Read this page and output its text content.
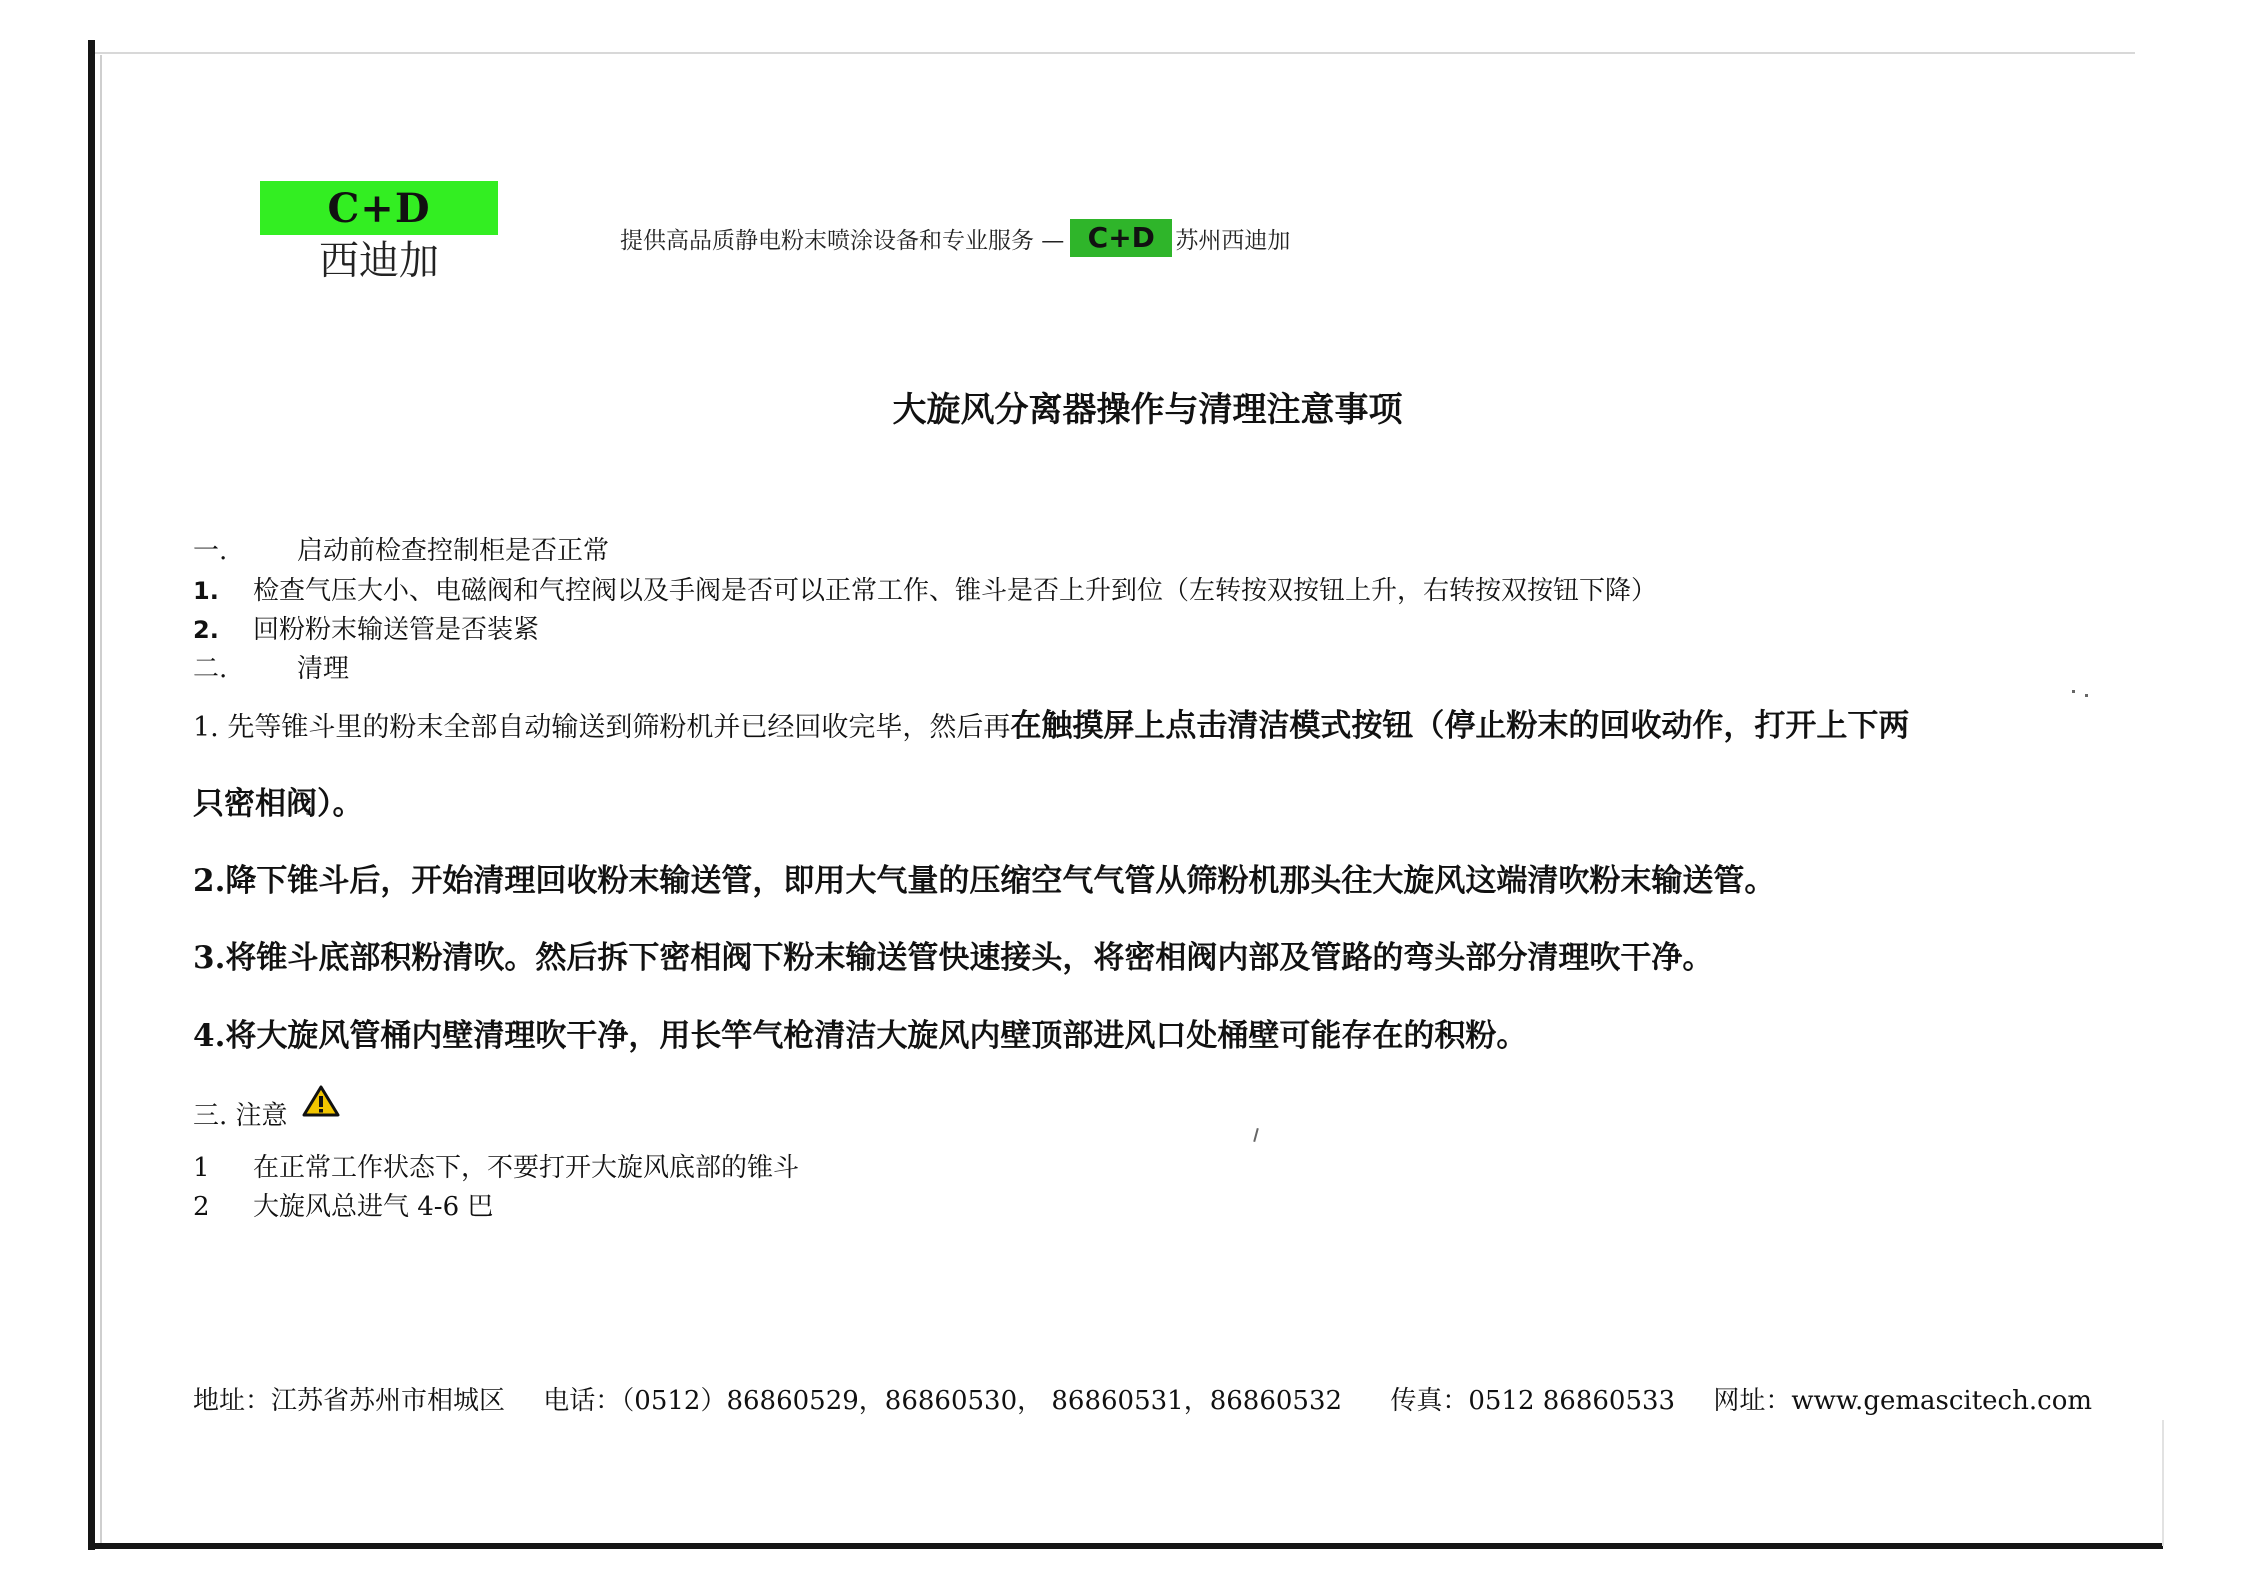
C+D
西迪加	提供高品质静电粉末喷涂设备和专业服务 — C+D 苏州西迪加
大旋风分离器操作与清理注意事项
一.	启动前检查控制柜是否正常
1. 检查气压大小、电磁阀和气控阀以及手阀是否可以正常工作、锥斗是否上升到位（左转按双按钮上升，右转按双按钮下降）
2. 回粉粉末输送管是否装紧
二.	清理
1. 先等锥斗里的粉末全部自动输送到筛粉机并已经回收完毕，然后再在触摸屏上点击清洁模式按钮（停止粉末的回收动作，打开上下两
只密相阀）。
2.降下锥斗后，开始清理回收粉末输送管，即用大气量的压缩空气气管从筛粉机那头往大旋风这端清吹粉末输送管。
3.将锥斗底部积粉清吹。然后拆下密相阀下粉末输送管快速接头，将密相阀内部及管路的弯头部分清理吹干净。
4.将大旋风管桶内壁清理吹干净，用长竿气枪清洁大旋风内壁顶部进风口处桶壁可能存在的积粉。
三. 注意
1 在正常工作状态下，不要打开大旋风底部的锥斗
2 大旋风总进气 4-6 巴
地址：江苏省苏州市相城区 电话：（0512）86860529，86860530， 86860531，86860532 传真：0512 86860533 网址：www.gemascitech.com
